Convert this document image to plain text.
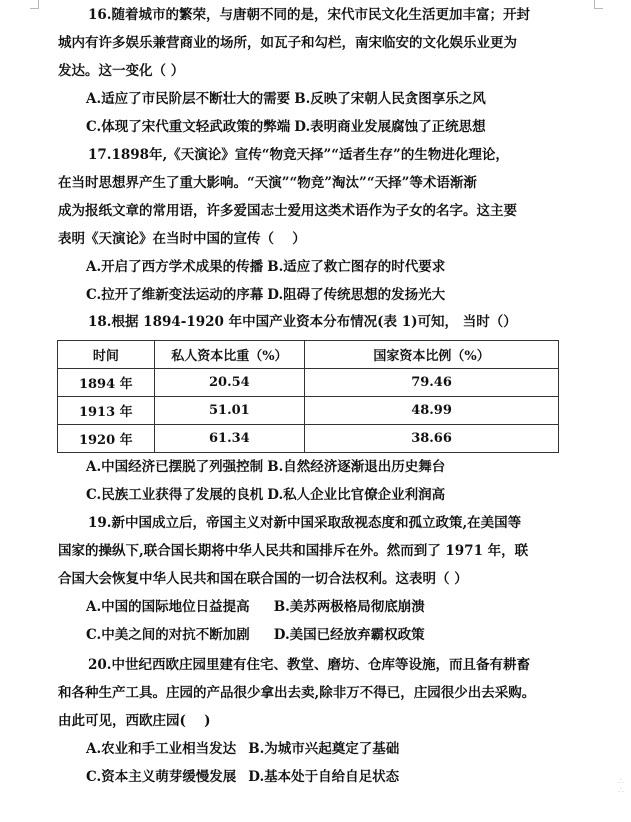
16.随着城市的繁荣，与唐朝不同的是，宋代市民文化生活更加丰富；开封
城内有许多娱乐兼营商业的场所，如瓦子和勾栏，南宋临安的文化娱乐业更为
发达。这一变化（ ）
A.适应了市民阶层不断壮大的需要 B.反映了宋朝人民贪图享乐之风
C.体现了宋代重文轻武政策的弊端 D.表明商业发展腐蚀了正统思想
17.1898年,《天演论》宣传“物竞天择”“适者生存”的生物进化理论，
在当时思想界产生了重大影响。“天演”“物竞”淘汰”“天择”等术语渐渐
成为报纸文章的常用语，许多爱国志士爱用这类术语作为子女的名字。这主要
表明《天演论》在当时中国的宣传（　 ）
A.开启了西方学术成果的传播 B.适应了救亡图存的时代要求
C.拉开了维新变法运动的序幕 D.阻碍了传统思想的发扬光大
18.根据 1894-1920 年中国产业资本分布情况(表 1)可知， 当时（）
时间	私人资本比重（%）	国家资本比例（%）
1894 年	20.54	79.46
1913 年	51.01	48.99
1920 年	61.34	38.66
A.中国经济已摆脱了列强控制 B.自然经济逐渐退出历史舞台
C.民族工业获得了发展的良机 D.私人企业比官僚企业利润高
19.新中国成立后，帝国主义对新中国采取敌视态度和孤立政策,在美国等
国家的操纵下,联合国长期将中华人民共和国排斥在外。然而到了 1971 年，联
合国大会恢复中华人民共和国在联合国的一切合法权利。这表明（ ）
A.中国的国际地位日益提高 B.美苏两极格局彻底崩溃
C.中美之间的对抗不断加剧 D.美国已经放弃霸权政策
20.中世纪西欧庄园里建有住宅、教堂、磨坊、仓库等设施，而且备有耕畜
和各种生产工具。庄园的产品很少拿出去卖,除非万不得已，庄园很少出去采购。
由此可见，西欧庄园(　 )
A.农业和手工业相当发达 B.为城市兴起奠定了基础
C.资本主义萌芽缓慢发展 D.基本处于自给自足状态	∴
∴
